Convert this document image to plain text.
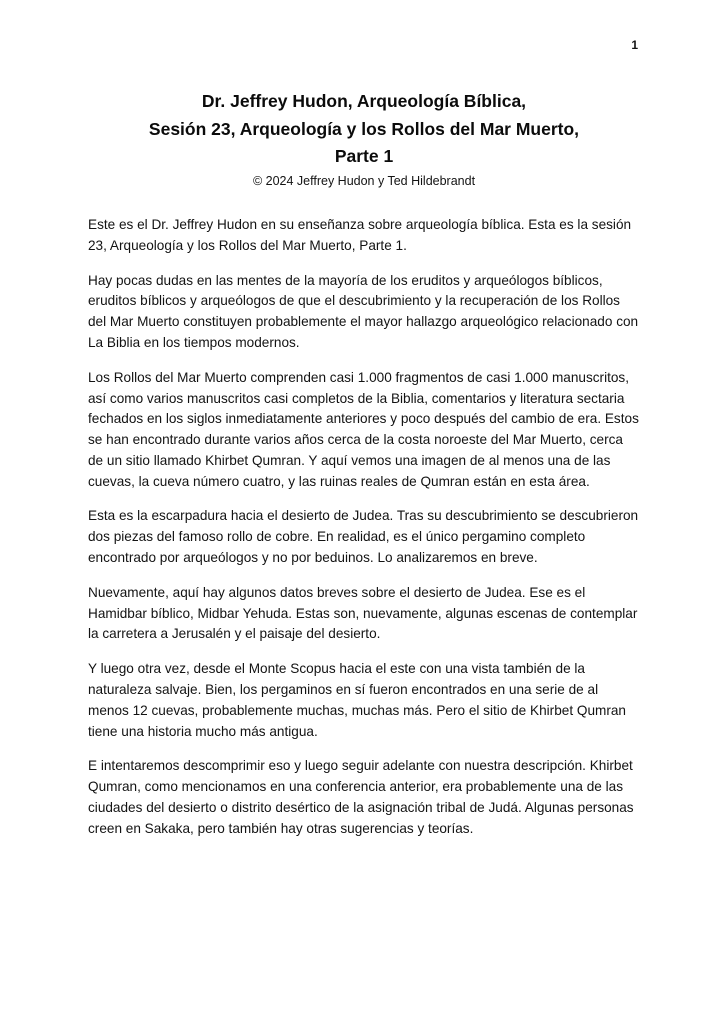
1
Dr. Jeffrey Hudon, Arqueología Bíblica,
Sesión 23, Arqueología y los Rollos del Mar Muerto,
Parte 1
© 2024 Jeffrey Hudon y Ted Hildebrandt

Este es el Dr. Jeffrey Hudon en su enseñanza sobre arqueología bíblica. Esta es la sesión 23, Arqueología y los Rollos del Mar Muerto, Parte 1.

Hay pocas dudas en las mentes de la mayoría de los eruditos y arqueólogos bíblicos, eruditos bíblicos y arqueólogos de que el descubrimiento y la recuperación de los Rollos del Mar Muerto constituyen probablemente el mayor hallazgo arqueológico relacionado con La Biblia en los tiempos modernos.

Los Rollos del Mar Muerto comprenden casi 1.000 fragmentos de casi 1.000 manuscritos, así como varios manuscritos casi completos de la Biblia, comentarios y literatura sectaria fechados en los siglos inmediatamente anteriores y poco después del cambio de era. Estos se han encontrado durante varios años cerca de la costa noroeste del Mar Muerto, cerca de un sitio llamado Khirbet Qumran. Y aquí vemos una imagen de al menos una de las cuevas, la cueva número cuatro, y las ruinas reales de Qumran están en esta área.

Esta es la escarpadura hacia el desierto de Judea. Tras su descubrimiento se descubrieron dos piezas del famoso rollo de cobre. En realidad, es el único pergamino completo encontrado por arqueólogos y no por beduinos. Lo analizaremos en breve.

Nuevamente, aquí hay algunos datos breves sobre el desierto de Judea. Ese es el Hamidbar bíblico, Midbar Yehuda. Estas son, nuevamente, algunas escenas de contemplar la carretera a Jerusalén y el paisaje del desierto.

Y luego otra vez, desde el Monte Scopus hacia el este con una vista también de la naturaleza salvaje. Bien, los pergaminos en sí fueron encontrados en una serie de al menos 12 cuevas, probablemente muchas, muchas más. Pero el sitio de Khirbet Qumran tiene una historia mucho más antigua.

E intentaremos descomprimir eso y luego seguir adelante con nuestra descripción. Khirbet Qumran, como mencionamos en una conferencia anterior, era probablemente una de las ciudades del desierto o distrito desértico de la asignación tribal de Judá. Algunas personas creen en Sakaka, pero también hay otras sugerencias y teorías.
